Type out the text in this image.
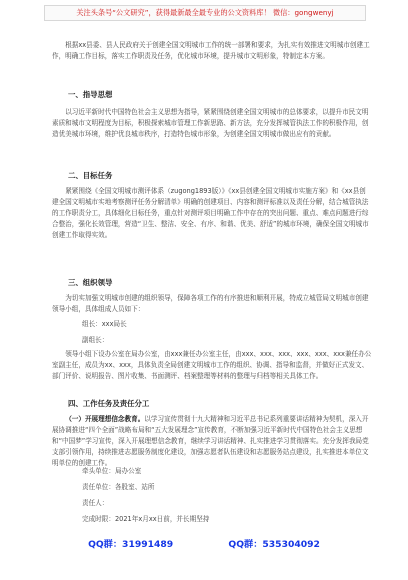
关注头条号“公文研究”，获得最新最全最专业的公文资料库！ 微信：gongwenyj

根据xx县委、县人民政府关于创建全国文明城市工作的统一部署和要求，为扎实有效推进文明城市创建工作，明确工作目标，落实工作职责及任务，优化城市环境，提升城市文明形象，特制定本方案。

一、指导思想

以习近平新时代中国特色社会主义思想为指导，紧紧围绕创建全国文明城市的总体要求，以提升市民文明素质和城市文明程度为目标，积极探索城市管理工作新思路、新方法，充分发挥城管执法工作的积极作用，创造优美城市环境，维护优良城市秩序，打造特色城市形象，为创建全国文明城市做出应有的贡献。

二、目标任务

紧紧围绕《全国文明城市测评体系（zugong1893版）》《xx县创建全国文明城市实施方案》和《xx县创建全国文明城市实地考察测评任务分解清单》明确的创建项目、内容和测评标准以及责任分解，结合城管执法的工作职责分工，具体细化目标任务，重点针对测评项目明确工作中存在的突出问题、重点、难点问题进行综合整治，强化长效管理，营造“卫生、整洁、安全、有序、和谐、优美、舒适”的城市环境，确保全国文明城市创建工作取得实效。

三、组织领导

为切实加强文明城市创建的组织领导，保障各项工作的有序推进和顺利开展，特成立城管局文明城市创建领导小组，具体组成人员如下：

组长：xxx局长
副组长：

领导小组下设办公室在局办公室，由xxx兼任办公室主任，由xxx、xxx、xxx、xxx、xxx、xxx兼任办公室副主任，成员为xx、xxx，具体负责全局创建文明城市工作的组织、协调、指导和监督，并做好正式发文、部门评价、说明报告、图片收集、书面测评、档案整理等材料的整理与归档等相关具体工作。

四、工作任务及责任分工

（一）开展理想信念教育。以学习宣传贯彻十九大精神和习近平总书记系列重要讲话精神为契机，深入开展协调推进“四个全面”战略布局和“五大发展理念”宣传教育，不断加强习近平新时代中国特色社会主义思想和“中国梦”学习宣传，深入开展理想信念教育，继续学习讲话精神、扎实推进学习贯彻落实。充分发挥我局党支部引领作用，持续推进志愿服务制度化建设，加强志愿者队伍建设和志愿服务站点建设，扎实推进本单位文明单位的创建工作。

牵头单位：局办公室
责任单位：各股室、站所
责任人：
完成时限：2021年x月xx日前，并长期坚持
QQ群：31991489	QQ群：535304092
